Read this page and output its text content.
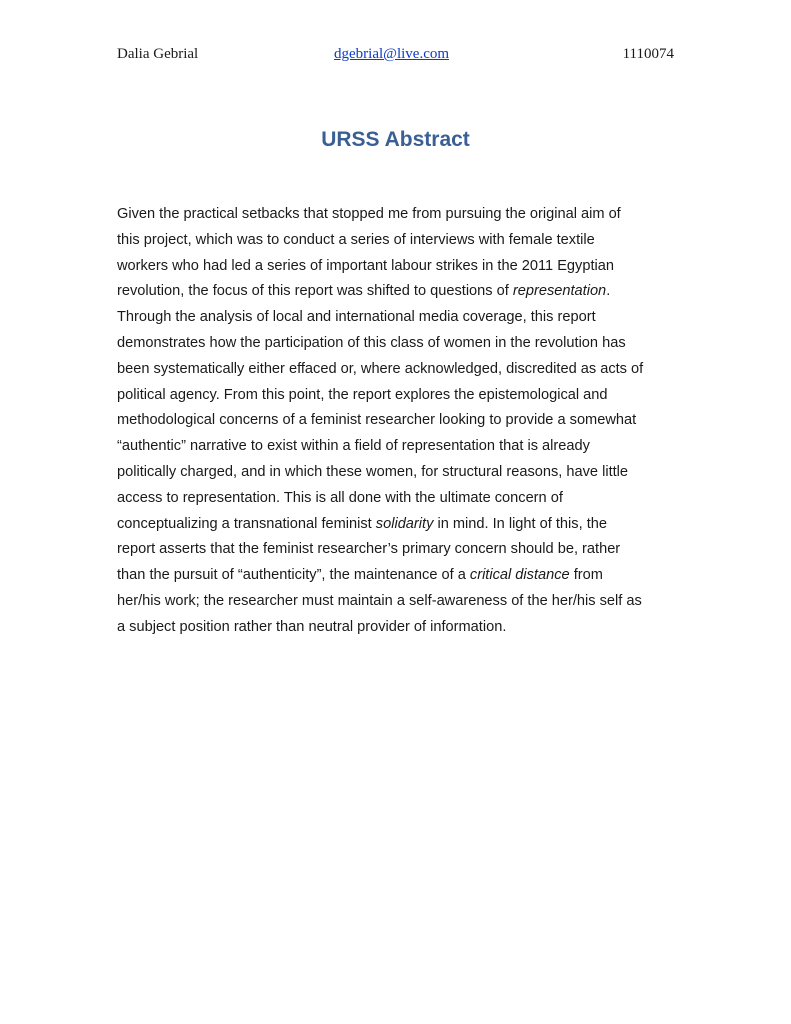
Dalia Gebrial	dgebrial@live.com	1110074
URSS Abstract
Given the practical setbacks that stopped me from pursuing the original aim of
this project, which was to conduct a series of interviews with female textile
workers who had led a series of important labour strikes in the 2011 Egyptian
revolution, the focus of this report was shifted to questions of representation.
Through the analysis of local and international media coverage, this report
demonstrates how the participation of this class of women in the revolution has
been systematically either effaced or, where acknowledged, discredited as acts of
political agency. From this point, the report explores the epistemological and
methodological concerns of a feminist researcher looking to provide a somewhat
“authentic” narrative to exist within a field of representation that is already
politically charged, and in which these women, for structural reasons, have little
access to representation. This is all done with the ultimate concern of
conceptualizing a transnational feminist solidarity in mind. In light of this, the
report asserts that the feminist researcher’s primary concern should be, rather
than the pursuit of “authenticity”, the maintenance of a critical distance from
her/his work; the researcher must maintain a self-awareness of the her/his self as
a subject position rather than neutral provider of information.
